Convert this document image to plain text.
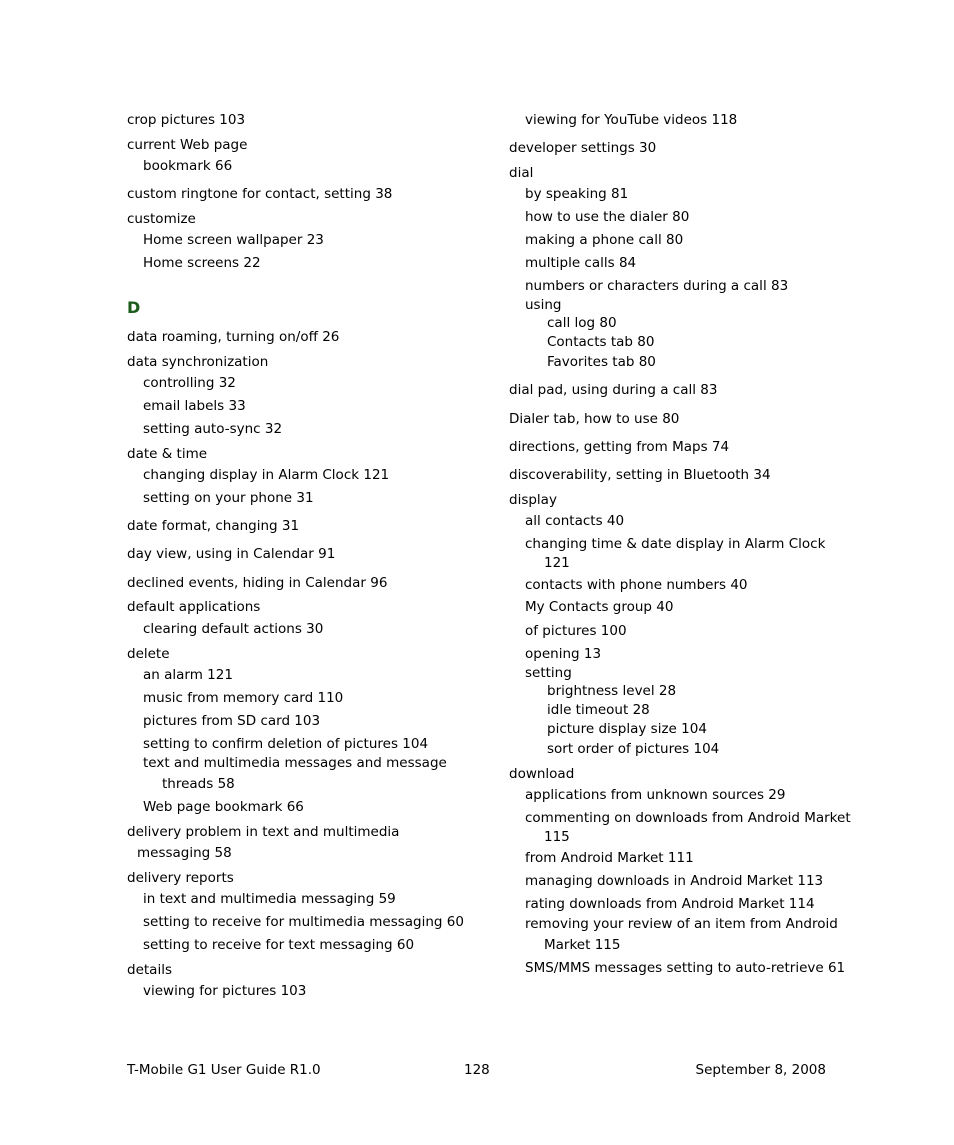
crop pictures 103
current Web page
bookmark 66
custom ringtone for contact, setting 38
customize
Home screen wallpaper 23
Home screens 22
D
data roaming, turning on/off 26
data synchronization
controlling 32
email labels 33
setting auto-sync 32
date & time
changing display in Alarm Clock 121
setting on your phone 31
date format, changing 31
day view, using in Calendar 91
declined events, hiding in Calendar 96
default applications
clearing default actions 30
delete
an alarm 121
music from memory card 110
pictures from SD card 103
setting to confirm deletion of pictures 104
text and multimedia messages and message
threads 58
Web page bookmark 66
delivery problem in text and multimedia
messaging 58
delivery reports
in text and multimedia messaging 59
setting to receive for multimedia messaging 60
setting to receive for text messaging 60
details
viewing for pictures 103
viewing for YouTube videos 118
developer settings 30
dial
by speaking 81
how to use the dialer 80
making a phone call 80
multiple calls 84
numbers or characters during a call 83
using
call log 80
Contacts tab 80
Favorites tab 80
dial pad, using during a call 83
Dialer tab, how to use 80
directions, getting from Maps 74
discoverability, setting in Bluetooth 34
display
all contacts 40
changing time & date display in Alarm Clock
121
contacts with phone numbers 40
My Contacts group 40
of pictures 100
opening 13
setting
brightness level 28
idle timeout 28
picture display size 104
sort order of pictures 104
download
applications from unknown sources 29
commenting on downloads from Android Market
115
from Android Market 111
managing downloads in Android Market 113
rating downloads from Android Market 114
removing your review of an item from Android
Market 115
SMS/MMS messages setting to auto-retrieve 61
T-Mobile G1 User Guide R1.0	128	September 8, 2008
